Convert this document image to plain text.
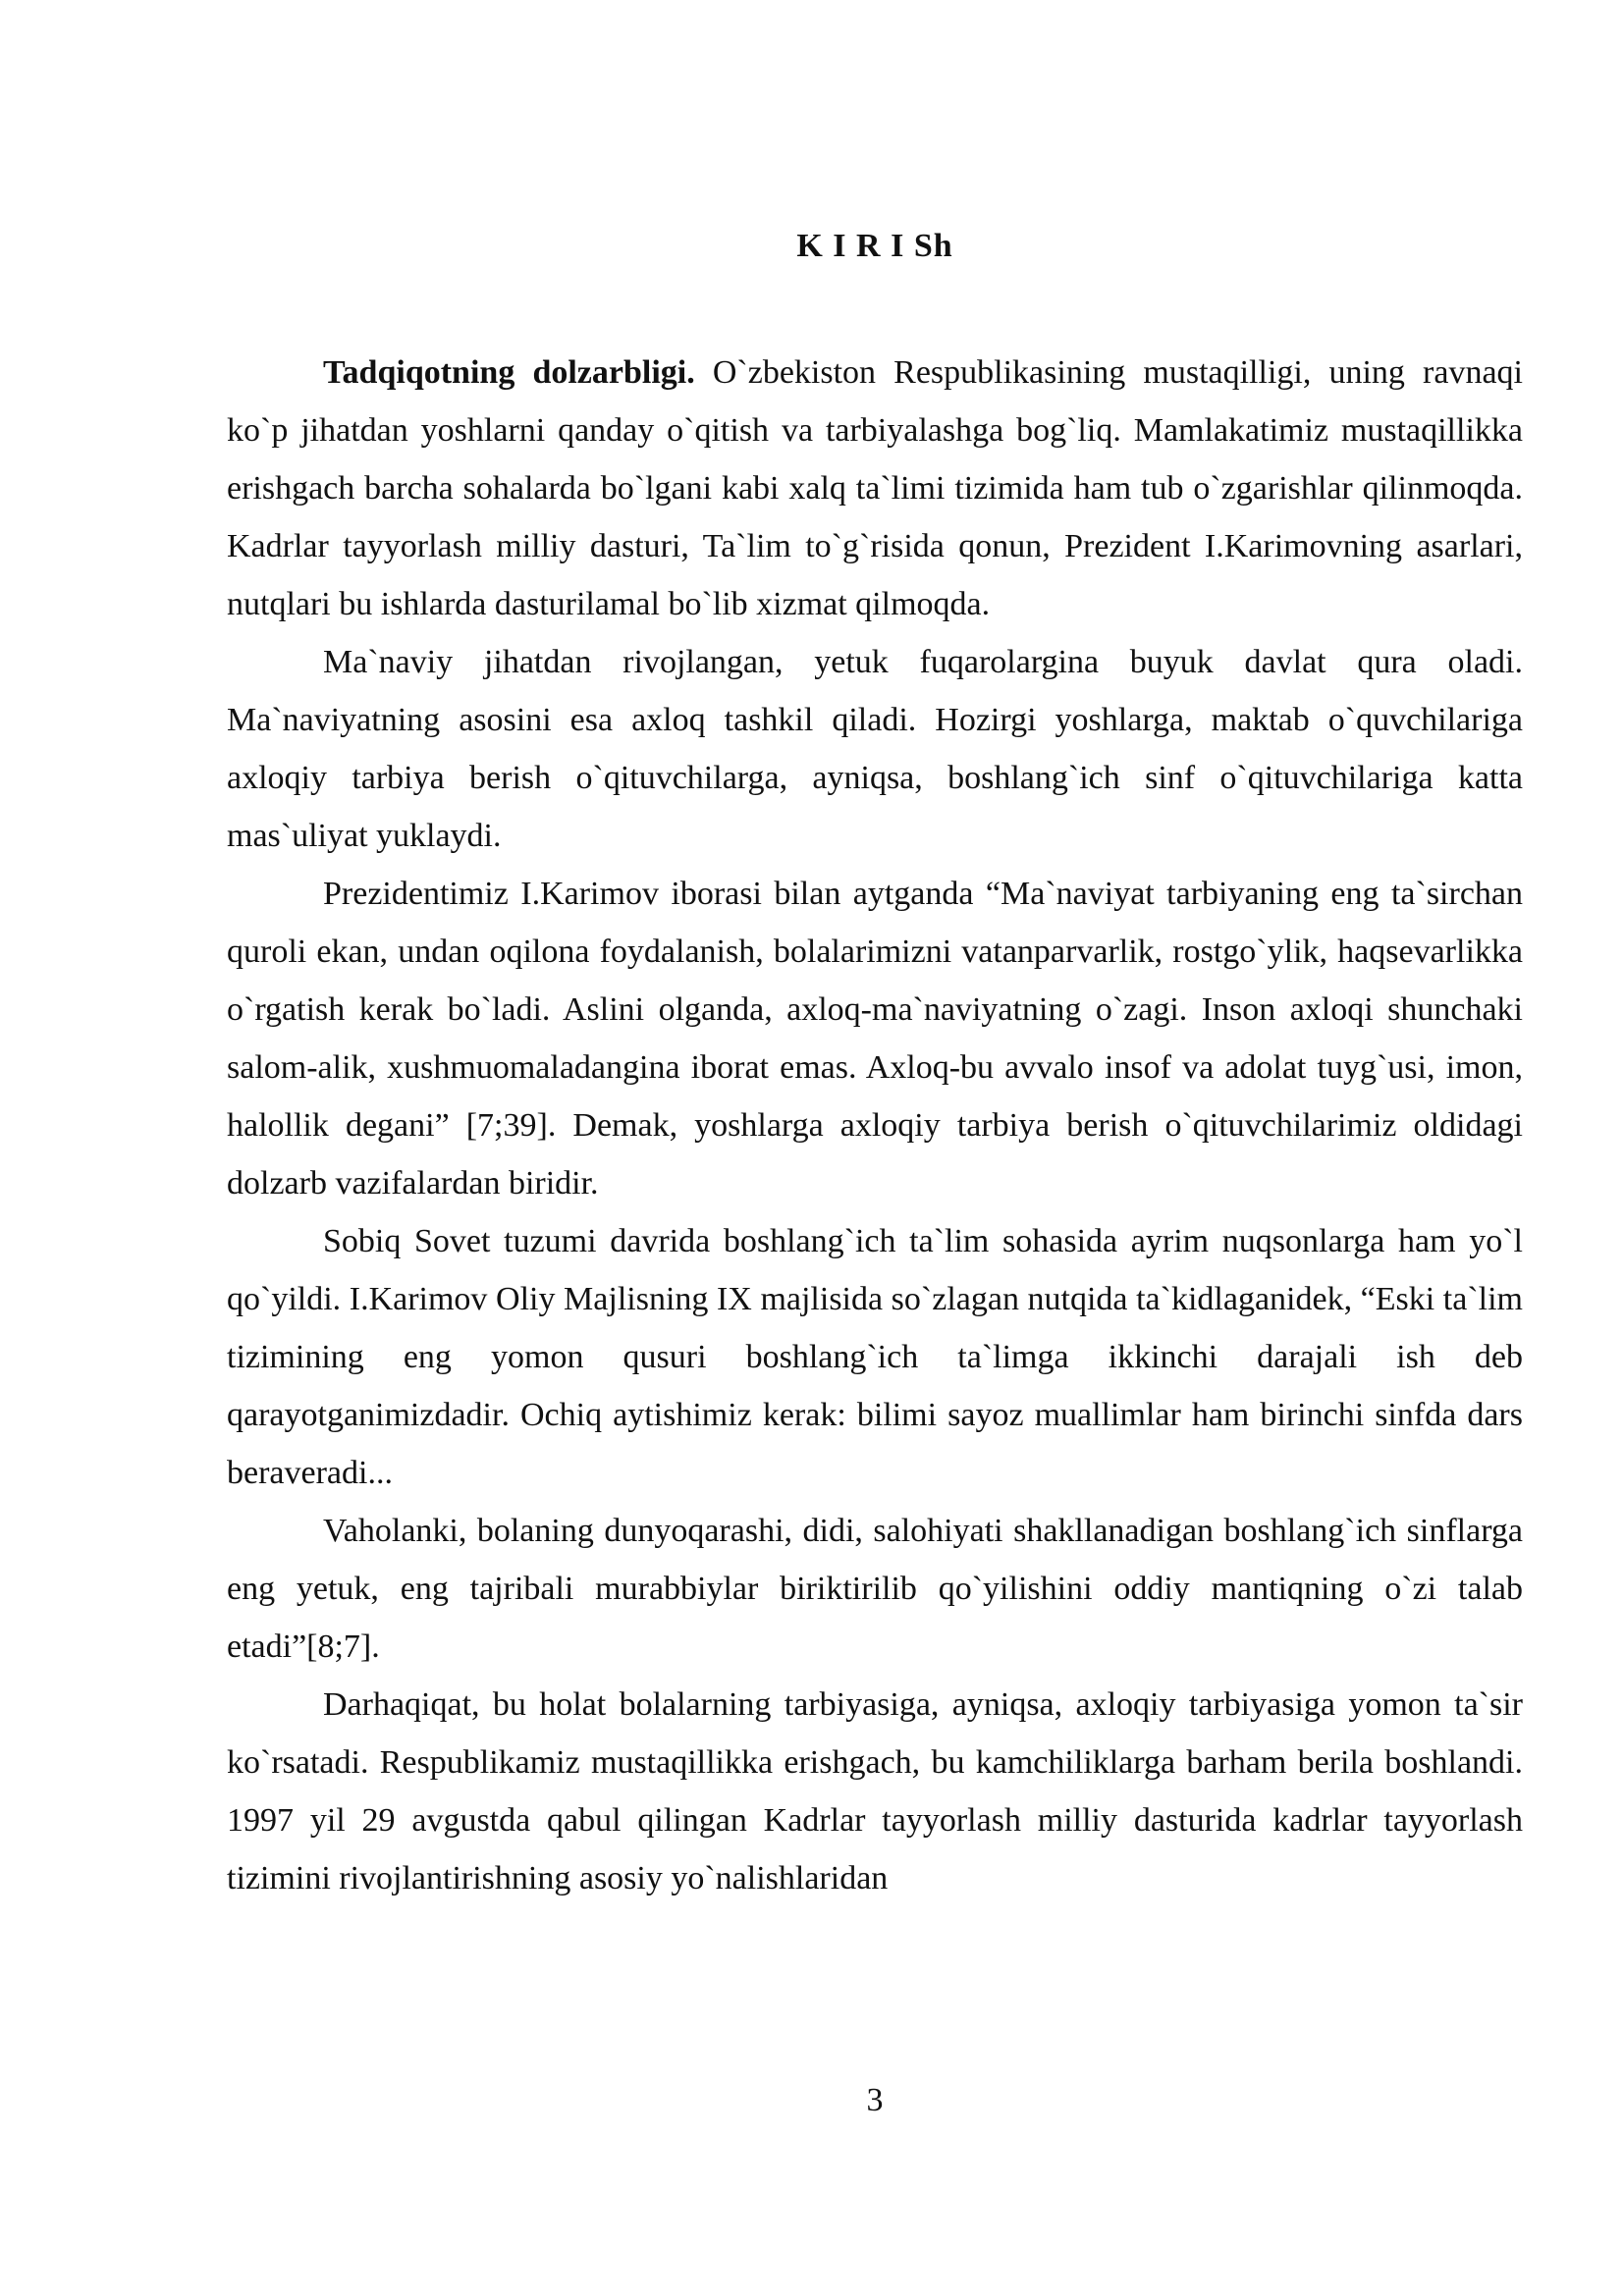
K I R I Sh

Tadqiqotning dolzarbligi. O`zbekiston Respublikasining mustaqilligi, uning ravnaqi ko`p jihatdan yoshlarni qanday o`qitish va tarbiyalashga bog`liq. Mamlakatimiz mustaqillikka erishgach barcha sohalarda bo`lgani kabi xalq ta`limi tizimida ham tub o`zgarishlar qilinmoqda. Kadrlar tayyorlash milliy dasturi, Ta`lim to`g`risida qonun, Prezident I.Karimovning asarlari, nutqlari bu ishlarda dasturilamal bo`lib xizmat qilmoqda.

Ma`naviy jihatdan rivojlangan, yetuk fuqarolargina buyuk davlat qura oladi. Ma`naviyatning asosini esa axloq tashkil qiladi. Hozirgi yoshlarga, maktab o`quvchilariga axloqiy tarbiya berish o`qituvchilarga, ayniqsa, boshlang`ich sinf o`qituvchilariga katta mas`uliyat yuklaydi.

Prezidentimiz I.Karimov iborasi bilan aytganda “Ma`naviyat tarbiyaning eng ta`sirchan quroli ekan, undan oqilona foydalanish, bolalarimizni vatanparvarlik, rostgo`ylik, haqsevarlikka o`rgatish kerak bo`ladi. Aslini olganda, axloq-ma`naviyatning o`zagi. Inson axloqi shunchaki salom-alik, xushmuomaladangina iborat emas. Axloq-bu avvalo insof va adolat tuyg`usi, imon, halollik degani” [7;39]. Demak, yoshlarga axloqiy tarbiya berish o`qituvchilarimiz oldidagi dolzarb vazifalardan biridir.

Sobiq Sovet tuzumi davrida boshlang`ich ta`lim sohasida ayrim nuqsonlarga ham yo`l qo`yildi. I.Karimov Oliy Majlisning IX majlisida so`zlagan nutqida ta`kidlaganidek, “Eski ta`lim tizimining eng yomon qusuri boshlang`ich ta`limga ikkinchi darajali ish deb qarayotganimizdadir. Ochiq aytishimiz kerak: bilimi sayoz muallimlar ham birinchi sinfda dars beraveradi...

Vaholanki, bolaning dunyoqarashi, didi, salohiyati shakllanadigan boshlang`ich sinflarga eng yetuk, eng tajribali murabbiylar biriktirilib qo`yilishini oddiy mantiqning o`zi talab etadi”[8;7].

Darhaqiqat, bu holat bolalarning tarbiyasiga, ayniqsa, axloqiy tarbiyasiga yomon ta`sir ko`rsatadi. Respublikamiz mustaqillikka erishgach, bu kamchiliklarga barham berila boshlandi. 1997 yil 29 avgustda qabul qilingan Kadrlar tayyorlash milliy dasturida kadrlar tayyorlash tizimini rivojlantirishning asosiy yo`nalishlaridan

3
